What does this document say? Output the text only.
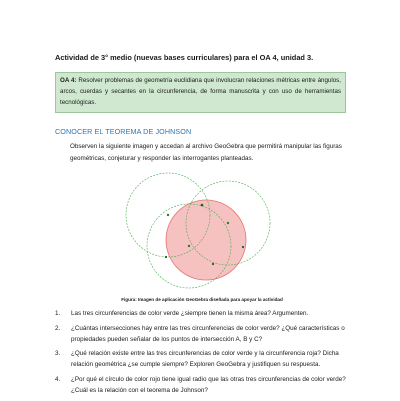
Actividad de 3° medio (nuevas bases curriculares) para el OA 4, unidad 3.
OA 4: Resolver problemas de geometría euclidiana que involucran relaciones métricas entre ángulos, arcos, cuerdas y secantes en la circunferencia, de forma manuscrita y con uso de herramientas tecnológicas.
CONOCER EL TEOREMA DE JOHNSON
Observen la siguiente imagen y accedan al archivo GeoGebra que permitirá manipular las figuras geométricas, conjeturar y responder las interrogantes planteadas.
Figura: Imagen de aplicación GeoGebra diseñada para apoyar la actividad
1. Las tres circunferencias de color verde ¿siempre tienen la misma área? Argumenten.
2. ¿Cuántas intersecciones hay entre las tres circunferencias de color verde? ¿Qué características o propiedades pueden señalar de los puntos de intersección A, B y C?
3. ¿Qué relación existe entre las tres circunferencias de color verde y la circunferencia roja? Dicha relación geométrica ¿se cumple siempre? Exploren GeoGebra y justifiquen su respuesta.
4. ¿Por qué el círculo de color rojo tiene igual radio que las otras tres circunferencias de color verde? ¿Cuál es la relación con el teorema de Johnson?
